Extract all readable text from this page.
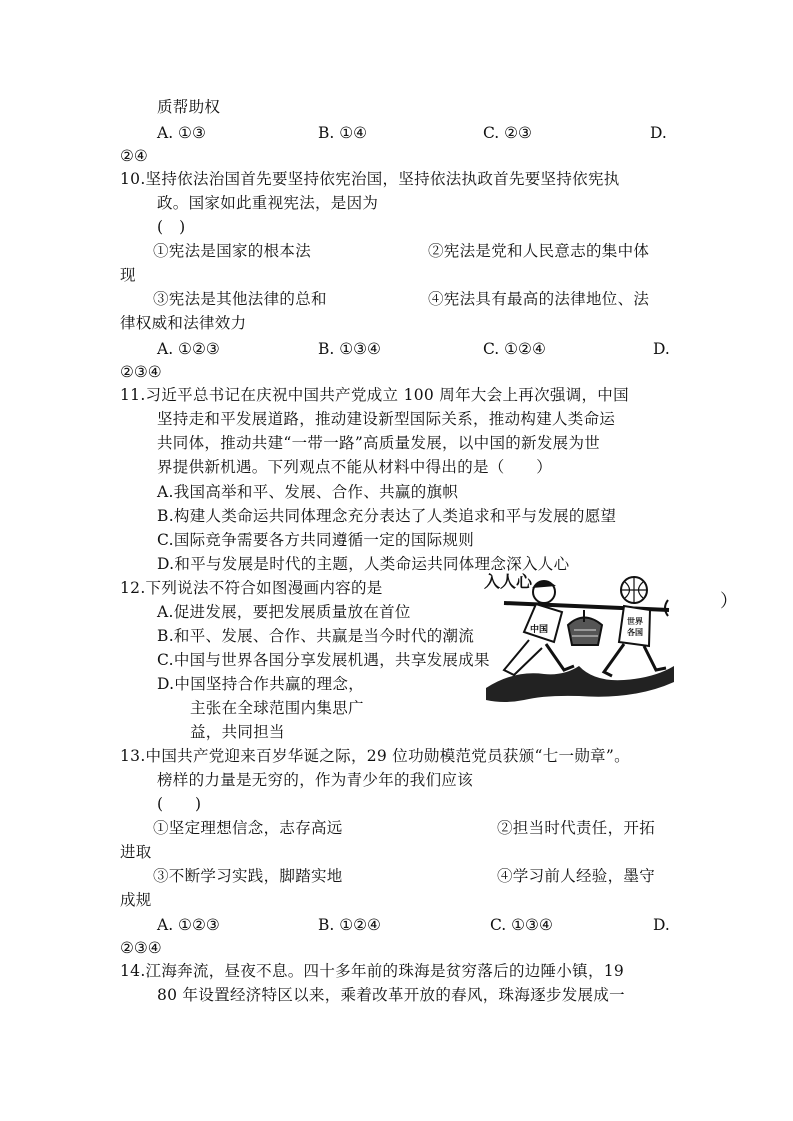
质帮助权
A. ①③	B. ①④	C. ②③	D.
②④
10.坚持依法治国首先要坚持依宪治国，坚持依法执政首先要坚持依宪执
政。国家如此重视宪法，是因为
(　)
①宪法是国家的根本法	②宪法是党和人民意志的集中体
现
③宪法是其他法律的总和	④宪法具有最高的法律地位、法
律权威和法律效力
A. ①②③	B. ①③④	C. ①②④	D.
②③④
11.习近平总书记在庆祝中国共产党成立 100 周年大会上再次强调，中国
坚持走和平发展道路，推动建设新型国际关系，推动构建人类命运
共同体，推动共建“一带一路”高质量发展，以中国的新发展为世
界提供新机遇。下列观点不能从材料中得出的是（　　）
A.我国高举和平、发展、合作、共赢的旗帜
B.构建人类命运共同体理念充分表达了人类追求和平与发展的愿望
C.国际竞争需要各方共同遵循一定的国际规则
D.和平与发展是时代的主题，人类命运共同体理念深入人心
12.下列说法不符合如图漫画内容的是
A.促进发展，要把发展质量放在首位
B.和平、发展、合作、共赢是当今时代的潮流
C.中国与世界各国分享发展机遇，共享发展成果
D.中国坚持合作共赢的理念，
主张在全球范围内集思广
益，共同担当
入人心
中国
世界
各国
）
13.中国共产党迎来百岁华诞之际，29 位功勋模范党员获颁“七一勋章”。
榜样的力量是无穷的，作为青少年的我们应该
(　　)
①坚定理想信念，志存高远	②担当时代责任，开拓
进取
③不断学习实践，脚踏实地	④学习前人经验，墨守
成规
A. ①②③	B. ①②④	C. ①③④	D.
②③④
14.江海奔流，昼夜不息。四十多年前的珠海是贫穷落后的边陲小镇，19
80 年设置经济特区以来，乘着改革开放的春风，珠海逐步发展成一
